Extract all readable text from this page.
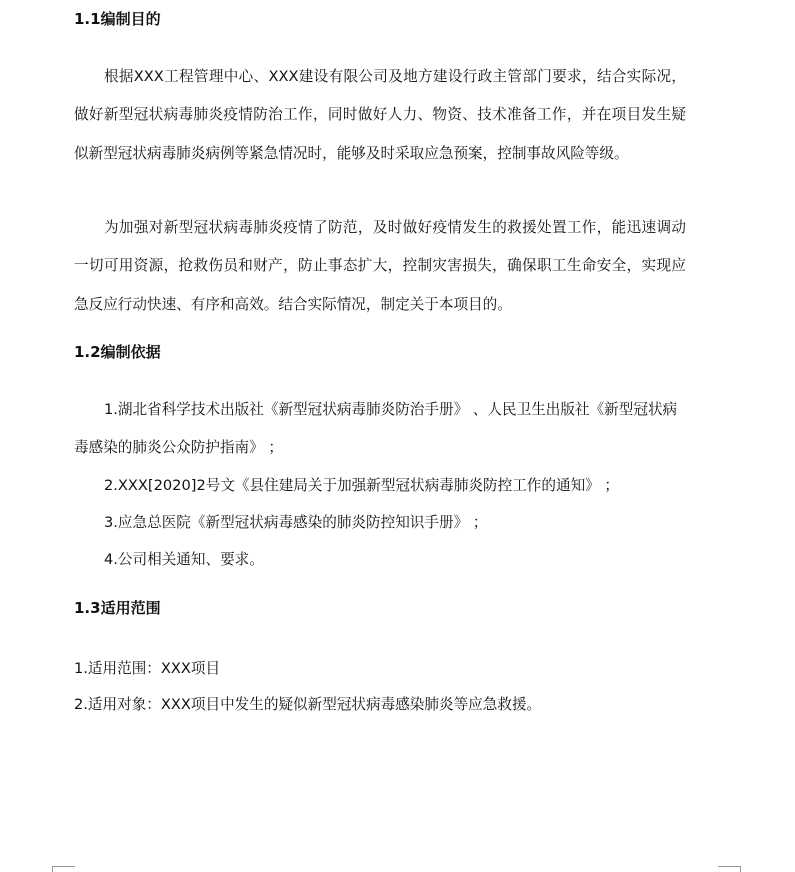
1.1编制目的
根据XXX工程管理中心、XXX建设有限公司及地方建设行政主管部门要求，结合实际况，做好新型冠状病毒肺炎疫情防治工作，同时做好人力、物资、技术准备工作，并在项目发生疑似新型冠状病毒肺炎病例等紧急情况时，能够及时采取应急预案，控制事故风险等级。
为加强对新型冠状病毒肺炎疫情了防范，及时做好疫情发生的救援处置工作，能迅速调动一切可用资源，抢救伤员和财产，防止事态扩大，控制灾害损失，确保职工生命安全，实现应急反应行动快速、有序和高效。结合实际情况，制定关于本项目的。
1.2编制依据
1.湖北省科学技术出版社《新型冠状病毒肺炎防治手册》 、人民卫生出版社《新型冠状病毒感染的肺炎公众防护指南》 ；
2.XXX[2020]2号文《县住建局关于加强新型冠状病毒肺炎防控工作的通知》 ；
3.应急总医院《新型冠状病毒感染的肺炎防控知识手册》 ；
4.公司相关通知、要求。
1.3适用范围
1.适用范围：XXX项目
2.适用对象：XXX项目中发生的疑似新型冠状病毒感染肺炎等应急救援。
